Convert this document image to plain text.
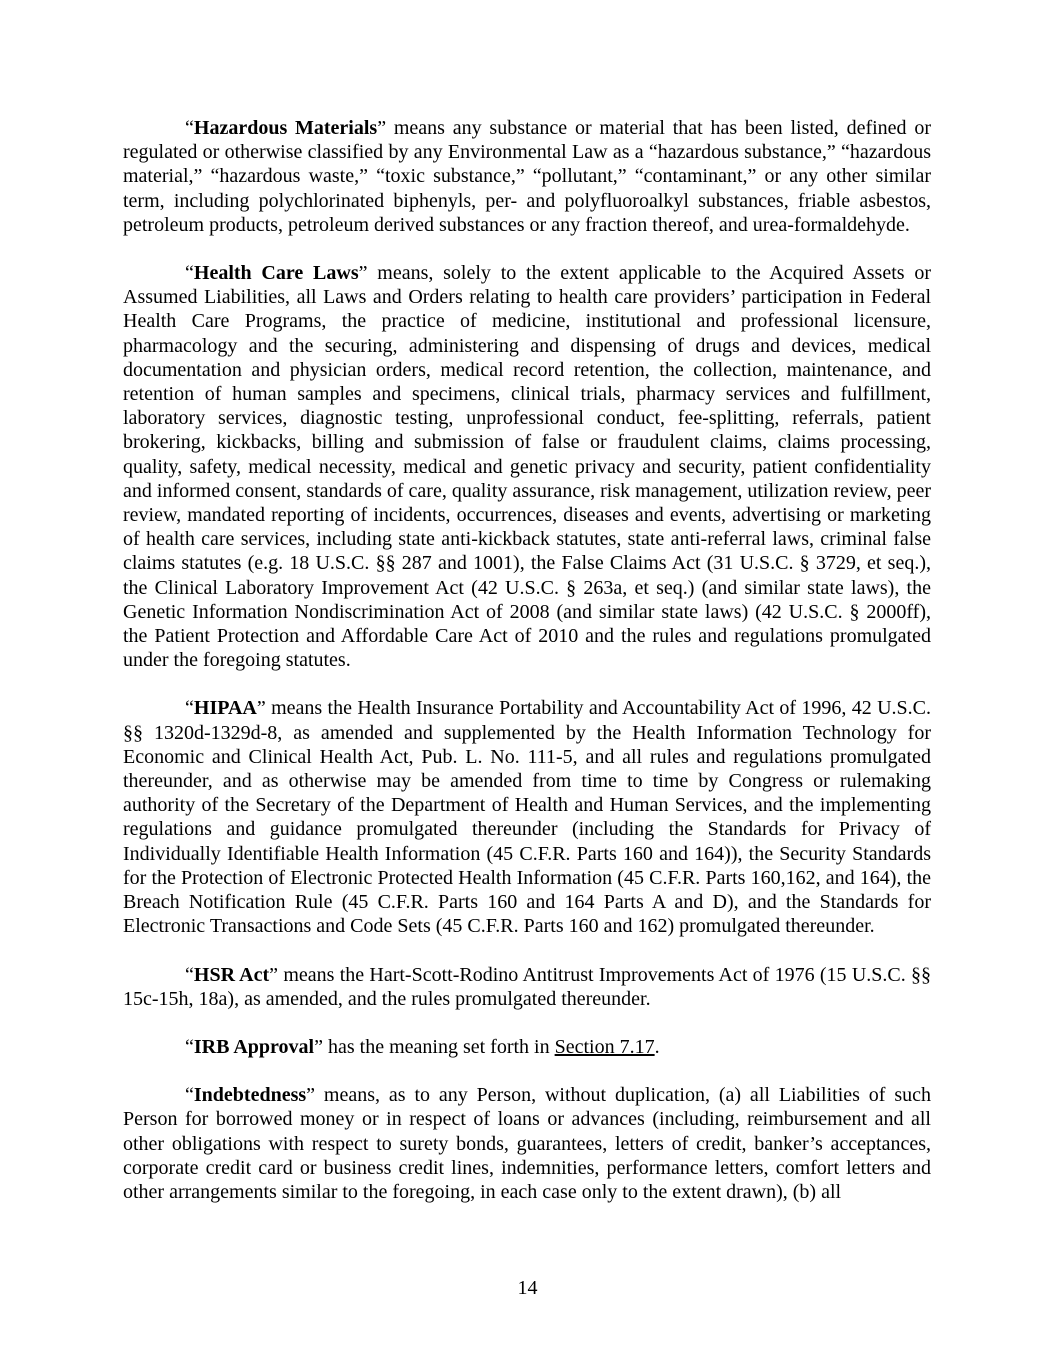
“Hazardous Materials” means any substance or material that has been listed, defined or regulated or otherwise classified by any Environmental Law as a “hazardous substance,” “hazardous material,” “hazardous waste,” “toxic substance,” “pollutant,” “contaminant,” or any other similar term, including polychlorinated biphenyls, per- and polyfluoroalkyl substances, friable asbestos, petroleum products, petroleum derived substances or any fraction thereof, and urea-formaldehyde.

“Health Care Laws” means, solely to the extent applicable to the Acquired Assets or Assumed Liabilities, all Laws and Orders relating to health care providers’ participation in Federal Health Care Programs, the practice of medicine, institutional and professional licensure, pharmacology and the securing, administering and dispensing of drugs and devices, medical documentation and physician orders, medical record retention, the collection, maintenance, and retention of human samples and specimens, clinical trials, pharmacy services and fulfillment, laboratory services, diagnostic testing, unprofessional conduct, fee-splitting, referrals, patient brokering, kickbacks, billing and submission of false or fraudulent claims, claims processing, quality, safety, medical necessity, medical and genetic privacy and security, patient confidentiality and informed consent, standards of care, quality assurance, risk management, utilization review, peer review, mandated reporting of incidents, occurrences, diseases and events, advertising or marketing of health care services, including state anti-kickback statutes, state anti-referral laws, criminal false claims statutes (e.g. 18 U.S.C. §§ 287 and 1001), the False Claims Act (31 U.S.C. § 3729, et seq.), the Clinical Laboratory Improvement Act (42 U.S.C. § 263a, et seq.) (and similar state laws), the Genetic Information Nondiscrimination Act of 2008 (and similar state laws) (42 U.S.C. § 2000ff), the Patient Protection and Affordable Care Act of 2010 and the rules and regulations promulgated under the foregoing statutes.

“HIPAA” means the Health Insurance Portability and Accountability Act of 1996, 42 U.S.C. §§ 1320d-1329d-8, as amended and supplemented by the Health Information Technology for Economic and Clinical Health Act, Pub. L. No. 111-5, and all rules and regulations promulgated thereunder, and as otherwise may be amended from time to time by Congress or rulemaking authority of the Secretary of the Department of Health and Human Services, and the implementing regulations and guidance promulgated thereunder (including the Standards for Privacy of Individually Identifiable Health Information (45 C.F.R. Parts 160 and 164)), the Security Standards for the Protection of Electronic Protected Health Information (45 C.F.R. Parts 160,162, and 164), the Breach Notification Rule (45 C.F.R. Parts 160 and 164 Parts A and D), and the Standards for Electronic Transactions and Code Sets (45 C.F.R. Parts 160 and 162) promulgated thereunder.

“HSR Act” means the Hart-Scott-Rodino Antitrust Improvements Act of 1976 (15 U.S.C. §§ 15c-15h, 18a), as amended, and the rules promulgated thereunder.

“IRB Approval” has the meaning set forth in Section 7.17.

“Indebtedness” means, as to any Person, without duplication, (a) all Liabilities of such Person for borrowed money or in respect of loans or advances (including, reimbursement and all other obligations with respect to surety bonds, guarantees, letters of credit, banker’s acceptances, corporate credit card or business credit lines, indemnities, performance letters, comfort letters and other arrangements similar to the foregoing, in each case only to the extent drawn), (b) all

14
